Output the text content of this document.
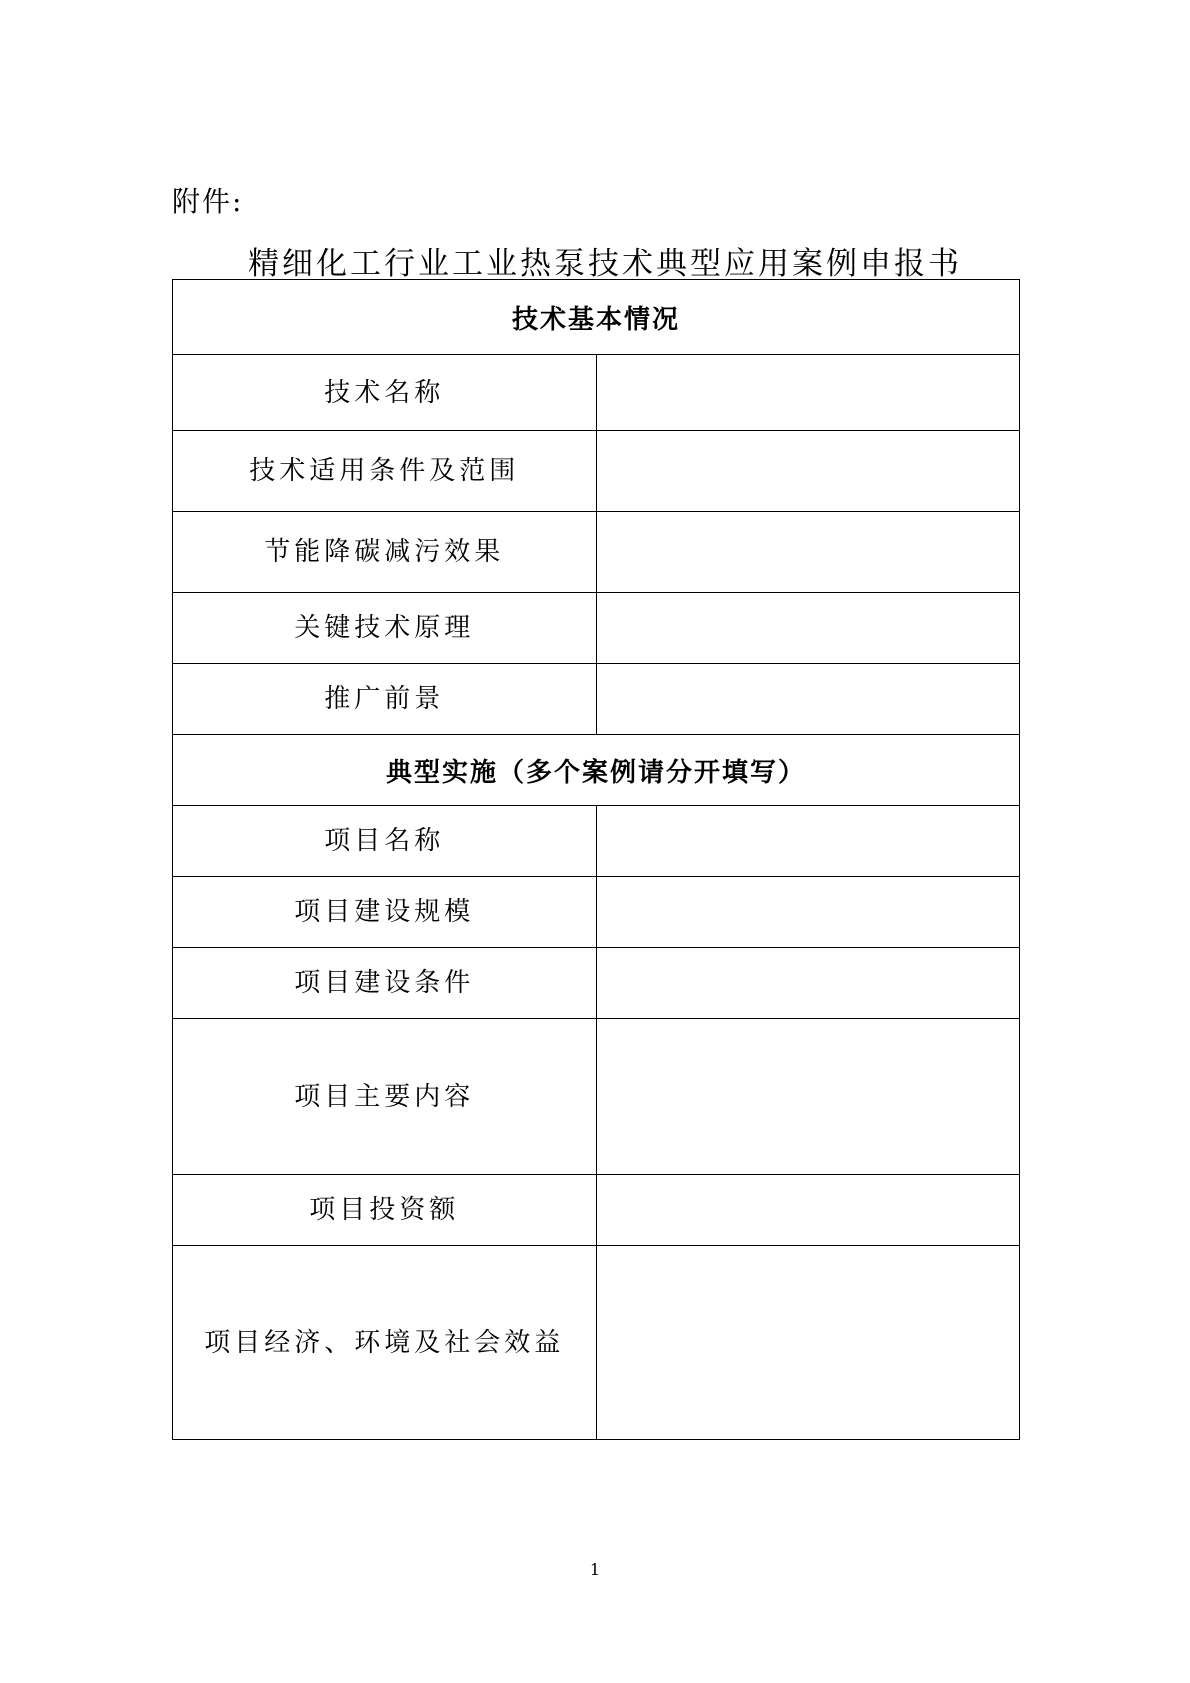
附件:
精细化工行业工业热泵技术典型应用案例申报书
技术基本情况	
技术名称	
技术适用条件及范围	
节能降碳减污效果	
关键技术原理	
推广前景	
典型实施（多个案例请分开填写）	
项目名称	
项目建设规模	
项目建设条件	
项目主要内容	
项目投资额	
项目经济、环境及社会效益	
1
